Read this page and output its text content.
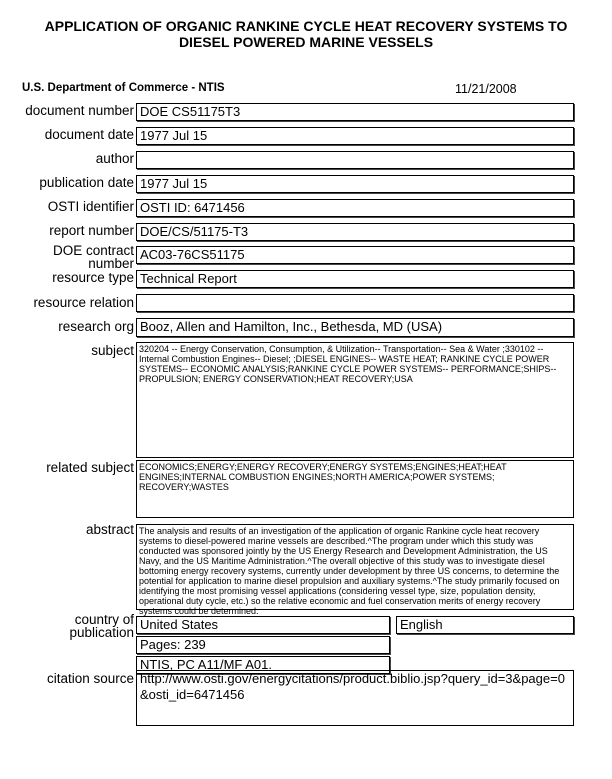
APPLICATION OF ORGANIC RANKINE CYCLE HEAT RECOVERY SYSTEMS TO DIESEL POWERED MARINE VESSELS
U.S. Department of Commerce - NTIS	11/21/2008
document number DOE CS51175T3
document date 1977 Jul 15
author
publication date 1977 Jul 15
OSTI identifier OSTI ID: 6471456
report number DOE/CS/51175-T3
DOE contract number
AC03-76CS51175
resource type Technical Report
resource relation
research org Booz, Allen and Hamilton, Inc., Bethesda, MD (USA)
subject 320204 -- Energy Conservation, Consumption, & Utilization-- Transportation-- Sea & Water ;330102 -- Internal Combustion Engines-- Diesel; ;DIESEL ENGINES-- WASTE HEAT; RANKINE CYCLE POWER SYSTEMS-- ECONOMIC ANALYSIS;RANKINE CYCLE POWER SYSTEMS-- PERFORMANCE;SHIPS-- PROPULSION; ENERGY CONSERVATION;HEAT RECOVERY;USA
related subject ECONOMICS;ENERGY;ENERGY RECOVERY;ENERGY SYSTEMS;ENGINES;HEAT;HEAT ENGINES;INTERNAL COMBUSTION ENGINES;NORTH AMERICA;POWER SYSTEMS; RECOVERY;WASTES
abstract The analysis and results of an investigation of the application of organic Rankine cycle heat recovery systems to diesel-powered marine vessels are described.^The program under which this study was conducted was sponsored jointly by the US Energy Research and Development Administration, the US Navy, and the US Maritime Administration.^The overall objective of this study was to investigate diesel bottoming energy recovery systems, currently under development by three US concerns, to determine the potential for application to marine diesel propulsion and auxiliary systems.^The study primarily focused on identifying the most promising vessel applications (considering vessel type, size, population density, operational duty cycle, etc.) so the relative economic and fuel conservation merits of energy recovery systems could be determined.
country of publication
United States	English
Pages: 239
NTIS, PC A11/MF A01.
citation source http://www.osti.gov/energycitations/product.biblio.jsp?query_id=3&page=0&osti_id=6471456
